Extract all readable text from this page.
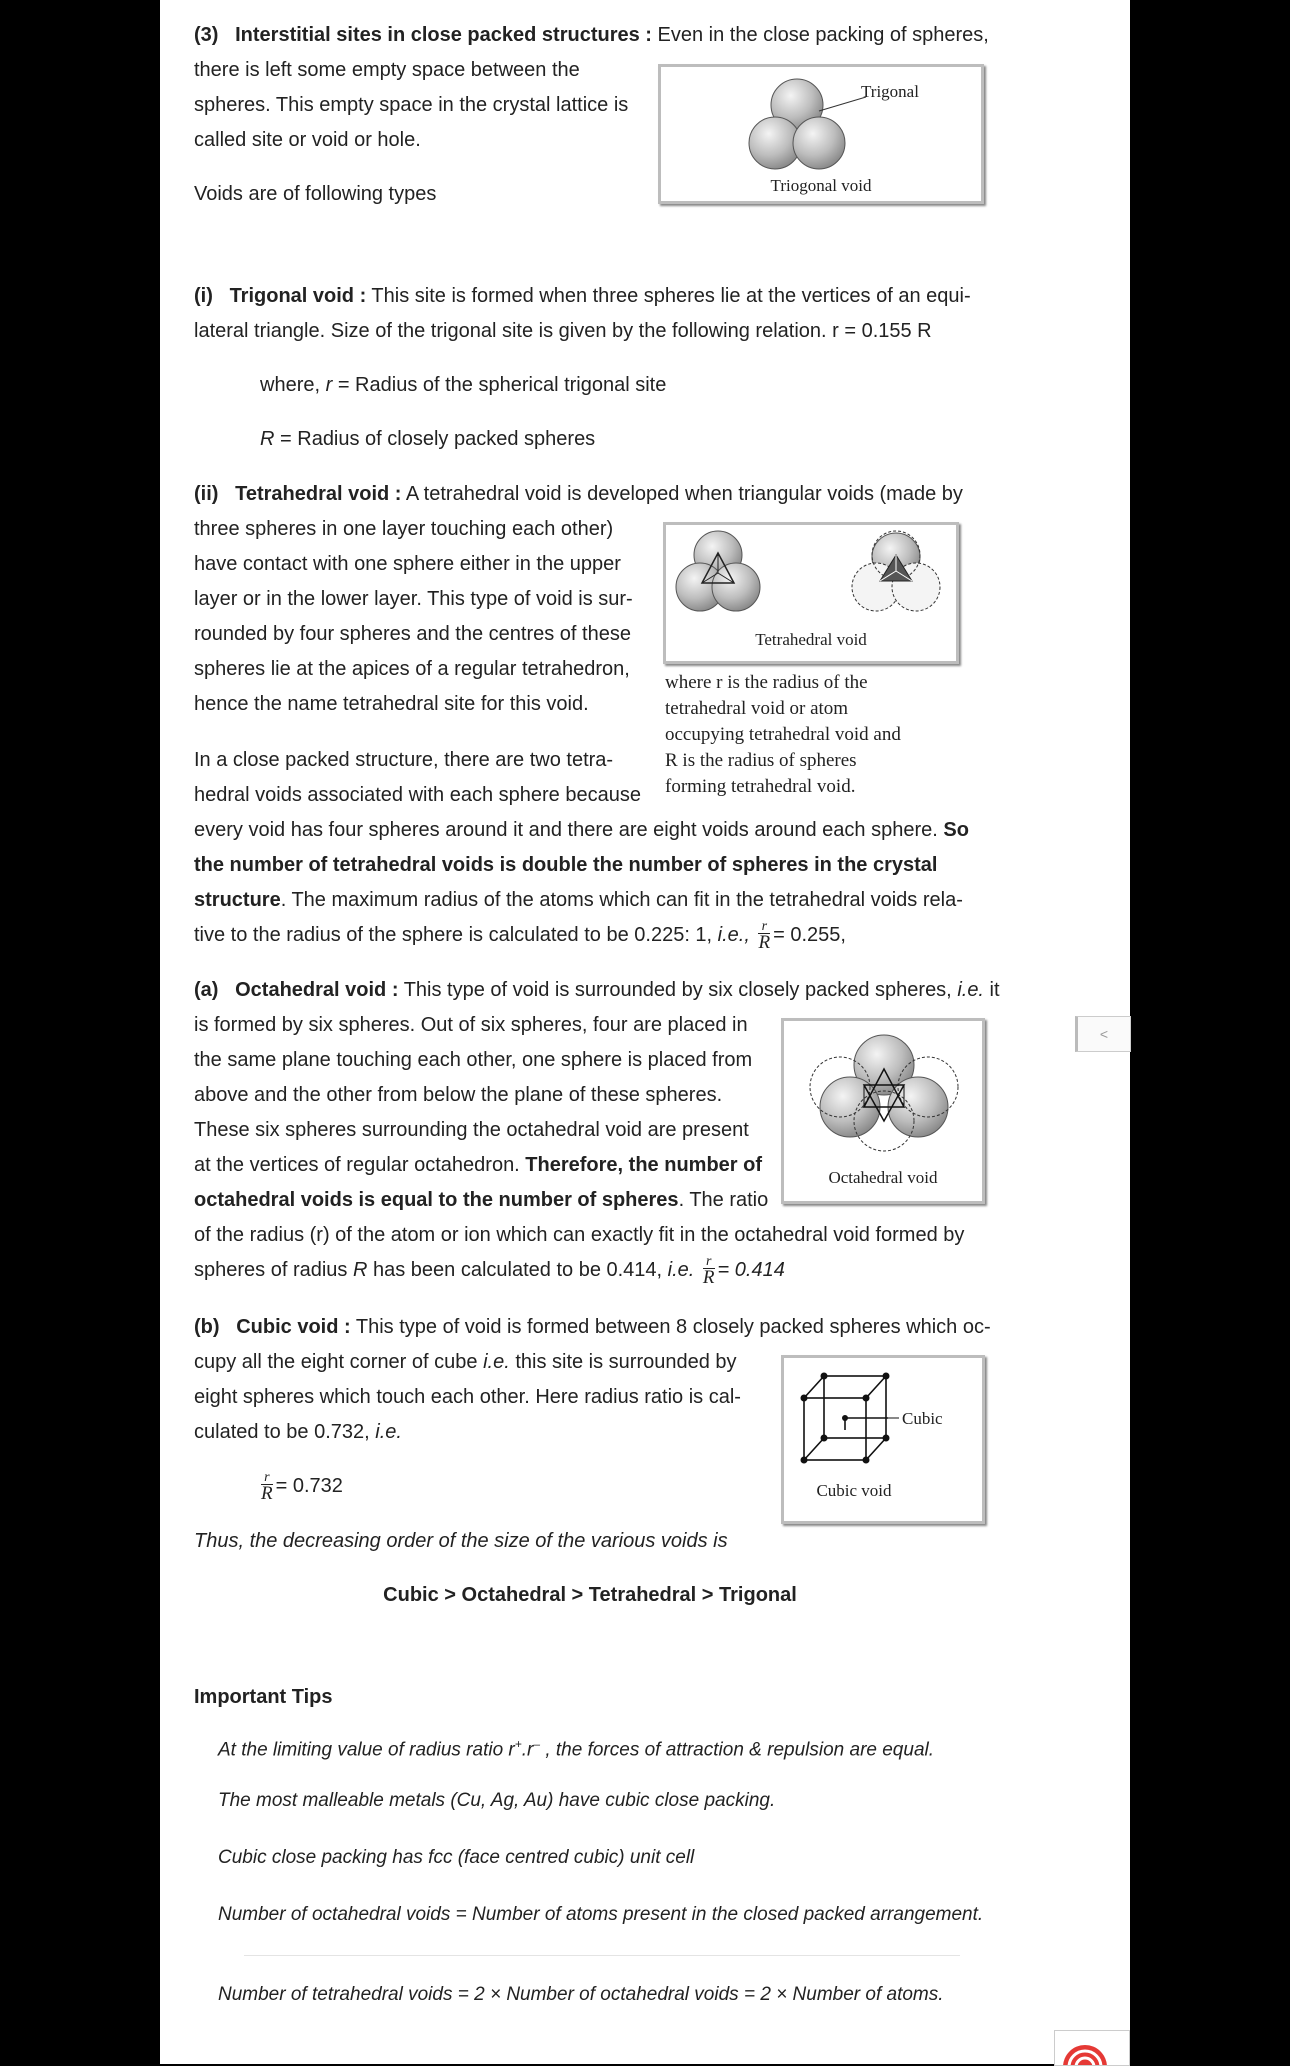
(3) Interstitial sites in close packed structures : Even in the close packing of spheres,

there is left some empty space between the

spheres. This empty space in the crystal lattice is

called site or void or hole.

Voids are of following types

Trigonal
Triogonal void

(i) Trigonal void : This site is formed when three spheres lie at the vertices of an equi-

lateral triangle. Size of the trigonal site is given by the following relation. r = 0.155 R

where, r = Radius of the spherical trigonal site

R = Radius of closely packed spheres

(ii) Tetrahedral void : A tetrahedral void is developed when triangular voids (made by

three spheres in one layer touching each other)

have contact with one sphere either in the upper

layer or in the lower layer. This type of void is sur-

rounded by four spheres and the centres of these

spheres lie at the apices of a regular tetrahedron,

hence the name tetrahedral site for this void.

Tetrahedral void
where r is the radius of the
tetrahedral void or atom
occupying tetrahedral void and
R is the radius of spheres
forming tetrahedral void.

In a close packed structure, there are two tetra-

hedral voids associated with each sphere because

every void has four spheres around it and there are eight voids around each sphere. So

the number of tetrahedral voids is double the number of spheres in the crystal

structure. The maximum radius of the atoms which can fit in the tetrahedral voids rela-

tive to the radius of the sphere is calculated to be 0.225: 1, i.e., $\frac{r}{R} = 0.255$,

(a) Octahedral void : This type of void is surrounded by six closely packed spheres, i.e. it

is formed by six spheres. Out of six spheres, four are placed in

the same plane touching each other, one sphere is placed from

above and the other from below the plane of these spheres.

These six spheres surrounding the octahedral void are present

at the vertices of regular octahedron. Therefore, the number of

octahedral voids is equal to the number of spheres. The ratio

of the radius (r) of the atom or ion which can exactly fit in the octahedral void formed by

spheres of radius R has been calculated to be 0.414, i.e. $\frac{r}{R} = 0.414$

Octahedral void

(b) Cubic void : This type of void is formed between 8 closely packed spheres which oc-

cupy all the eight corner of cube i.e. this site is surrounded by

eight spheres which touch each other. Here radius ratio is cal-

culated to be 0.732, i.e.

$\frac{r}{R} = 0.732$

Cubic
Cubic void

Thus, the decreasing order of the size of the various voids is

Cubic > Octahedral > Tetrahedral > Trigonal

Important Tips

At the limiting value of radius ratio r+.r– , the forces of attraction & repulsion are equal.
The most malleable metals (Cu, Ag, Au) have cubic close packing.
Cubic close packing has fcc (face centred cubic) unit cell
Number of octahedral voids = Number of atoms present in the closed packed arrangement.
Number of tetrahedral voids = 2 × Number of octahedral voids = 2 × Number of atoms.
<
